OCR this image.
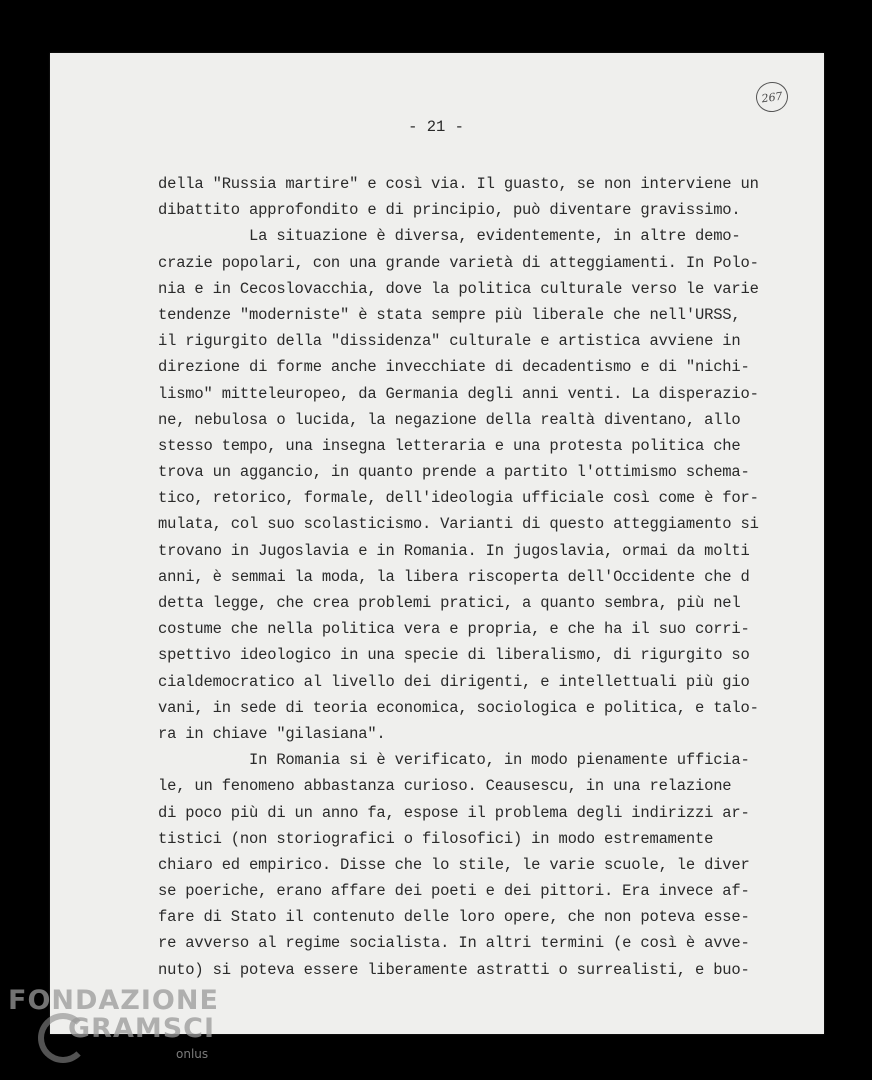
267
- 21 -
della "Russia martire" e così via. Il guasto, se non interviene un
dibattito approfondito e di principio, può diventare gravissimo.
La situazione è diversa, evidentemente, in altre demo-
crazie popolari, con una grande varietà di atteggiamenti. In Polo-
nia e in Cecoslovacchia, dove la politica culturale verso le varie
tendenze "moderniste" è stata sempre più liberale che nell'URSS,
il rigurgito della "dissidenza" culturale e artistica avviene in
direzione di forme anche invecchiate di decadentismo e di "nichi-
lismo" mitteleuropeo, da Germania degli anni venti. La disperazio-
ne, nebulosa o lucida, la negazione della realtà diventano, allo
stesso tempo, una insegna letteraria e una protesta politica che
trova un aggancio, in quanto prende a partito l'ottimismo schema-
tico, retorico, formale, dell'ideologia ufficiale così come è for-
mulata, col suo scolasticismo. Varianti di questo atteggiamento si
trovano in Jugoslavia e in Romania. In jugoslavia, ormai da molti
anni, è semmai la moda, la libera riscoperta dell'Occidente che d
detta legge, che crea problemi pratici, a quanto sembra, più nel
costume che nella politica vera e propria, e che ha il suo corri-
spettivo ideologico in una specie di liberalismo, di rigurgito so
cialdemocratico al livello dei dirigenti, e intellettuali più gio
vani, in sede di teoria economica, sociologica e politica, e talo-
ra in chiave "gilasiana".
In Romania si è verificato, in modo pienamente ufficia-
le, un fenomeno abbastanza curioso. Ceausescu, in una relazione
di poco più di un anno fa, espose il problema degli indirizzi ar-
tistici (non storiografici o filosofici) in modo estremamente
chiaro ed empirico. Disse che lo stile, le varie scuole, le diver
se poeriche, erano affare dei poeti e dei pittori. Era invece af-
fare di Stato il contenuto delle loro opere, che non poteva esse-
re avverso al regime socialista. In altri termini (e così è avve-
nuto) si poteva essere liberamente astratti o surrealisti, e buo-
FONDAZIONE
GRAMSCI
onlus
